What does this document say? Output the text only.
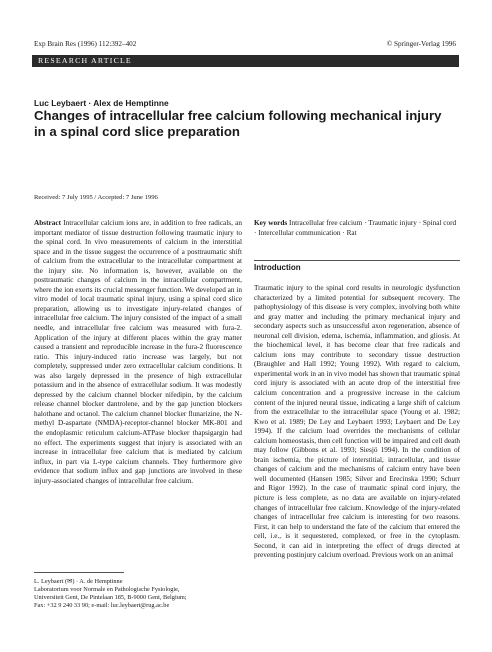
Exp Brain Res (1996) 112:392–402	© Springer-Verlag 1996
RESEARCH ARTICLE
Luc Leybaert · Alex de Hemptinne
Changes of intracellular free calcium following mechanical injury in a spinal cord slice preparation
Received: 7 July 1995 / Accepted: 7 June 1996

Abstract Intracellular calcium ions are, in addition to free radicals, an important mediator of tissue destruction following traumatic injury to the spinal cord. In vivo measurements of calcium in the interstitial space and in the tissue suggest the occurrence of a posttraumatic shift of calcium from the extracellular to the intracellular compartment at the injury site. No information is, however, available on the posttraumatic changes of calcium in the intracellular compartment, where the ion exerts its crucial messenger function. We developed an in vitro model of local traumatic spinal injury, using a spinal cord slice preparation, allowing us to investigate injury-related changes of intracellular free calcium. The injury consisted of the impact of a small needle, and intracellular free calcium was measured with fura-2. Application of the injury at different places within the gray matter caused a transient and reproducible increase in the fura-2 fluorescence ratio. This injury-induced ratio increase was largely, but not completely, suppressed under zero extracellular calcium conditions. It was also largely depressed in the presence of high extracellular potassium and in the absence of extracellular sodium. It was modestly depressed by the calcium channel blocker nifedipin, by the calcium release channel blocker dantrolene, and by the gap junction blockers halothane and octanol. The calcium channel blocker flunarizine, the N-methyl D-aspartate (NMDA)-receptor-channel blocker MK-801 and the endoplasmic reticulum calcium-ATPase blocker thapsigargin had no effect. The experiments suggest that injury is associated with an increase in intracellular free calcium that is mediated by calcium influx, in part via L-type calcium channels. They furthermore give evidence that sodium influx and gap junctions are involved in these injury-associated changes of intracellular free calcium.

Key words Intracellular free calcium · Traumatic injury · Spinal cord · Intercellular communication · Rat
Introduction

Traumatic injury to the spinal cord results in neurologic dysfunction characterized by a limited potential for subsequent recovery. The pathophysiology of this disease is very complex, involving both white and gray matter and including the primary mechanical injury and secondary aspects such as unsuccessful axon regeneration, absence of neuronal cell division, edema, ischemia, inflammation, and gliosis. At the biochemical level, it has become clear that free radicals and calcium ions may contribute to secondary tissue destruction (Braughler and Hall 1992; Young 1992). With regard to calcium, experimental work in an in vivo model has shown that traumatic spinal cord injury is associated with an acute drop of the interstitial free calcium concentration and a progressive increase in the calcium content of the injured neural tissue, indicating a large shift of calcium from the extracellular to the intracellular space (Young et al. 1982; Kwo et al. 1989; De Ley and Leybaert 1993; Leybaert and De Ley 1994). If the calcium load overrides the mechanisms of cellular calcium homeostasis, then cell function will be impaired and cell death may follow (Gibbons et al. 1993; Siesjö 1994). In the condition of brain ischemia, the picture of interstitial, intracellular, and tissue changes of calcium and the mechanisms of calcium entry have been well documented (Hansen 1985; Silver and Erecinska 1990; Schurr and Rigor 1992). In the case of traumatic spinal cord injury, the picture is less complete, as no data are available on injury-related changes of intracellular free calcium. Knowledge of the injury-related changes of intracellular free calcium is interesting for two reasons. First, it can help to understand the fate of the calcium that entered the cell, i.e., is it sequestered, complexed, or free in the cytoplasm. Second, it can aid in interpreting the effect of drugs directed at preventing postinjury calcium overload. Previous work on an animal

L. Leybaert (✉) · A. de Hemptinne
Laboratorium voor Normale en Pathologische Fysiologie,
Universiteit Gent, De Pintelaan 185, B-9000 Gent, Belgium;
Fax: +32 9 240 33 90; e-mail: luc.leybaert@rug.ac.be
